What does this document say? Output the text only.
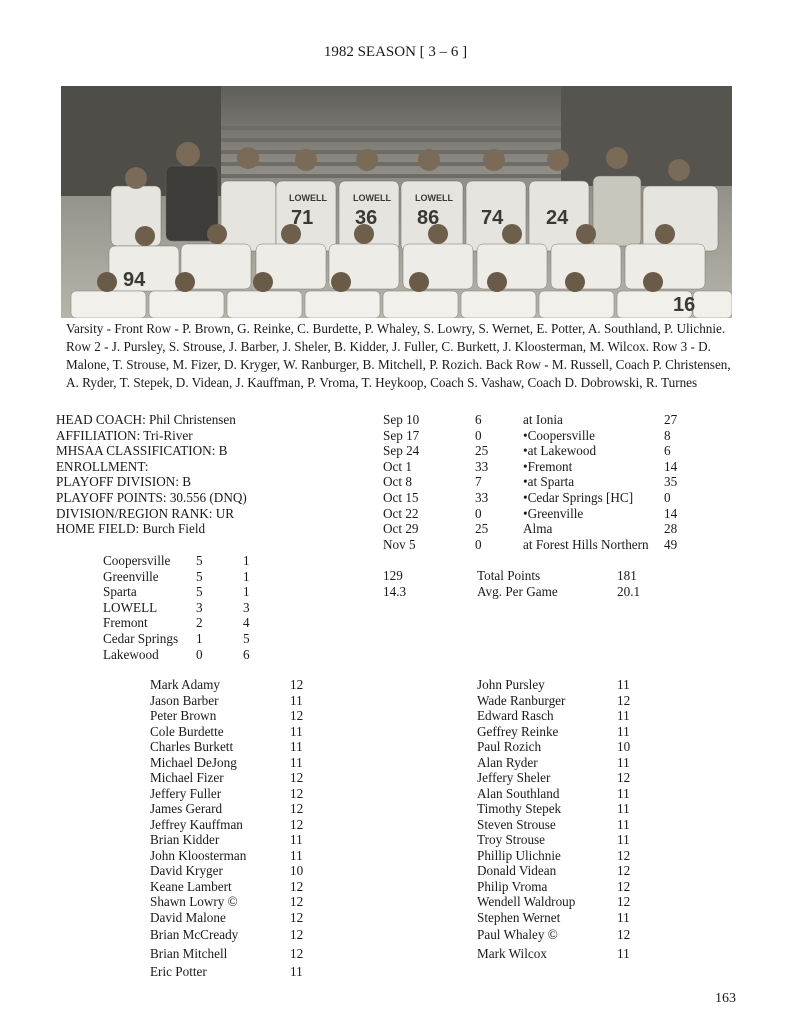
1982 SEASON [ 3 – 6 ]
LOWELL	LOWELL	LOWELL
71 36 86 74 24
94
16
Varsity - Front Row - P. Brown, G. Reinke, C. Burdette, P. Whaley, S. Lowry, S. Wernet, E. Potter, A. Southland, P. Ulichnie. Row 2 - J. Pursley, S. Strouse, J. Barber, J. Sheler, B. Kidder, J. Fuller, C. Burkett, J. Kloosterman, M. Wilcox. Row 3 - D. Malone, T. Strouse, M. Fizer, D. Kryger, W. Ranburger, B. Mitchell, P. Rozich. Back Row - M. Russell, Coach P. Christensen, A. Ryder, T. Stepek, D. Videan, J. Kauffman, P. Vroma, T. Heykoop, Coach S. Vashaw, Coach D. Dobrowski, R. Turnes
HEAD COACH: Phil Christensen
AFFILIATION: Tri-River
MHSAA CLASSIFICATION: B
ENROLLMENT:
PLAYOFF DIVISION: B
PLAYOFF POINTS: 30.556 (DNQ)
DIVISION/REGION RANK: UR
HOME FIELD: Burch Field
Sep 10	6	at Ionia	27
Sep 17	0	•Coopersville	8
Sep 24	25	•at Lakewood	6
Oct 1	33	•Fremont	14
Oct 8	7	•at Sparta	35
Oct 15	33	•Cedar Springs [HC] 0
Oct 22	0	•Greenville	14
Oct 29	25	Alma	28
Nov 5	0	at Forest Hills Northern 49
129	Total Points	181
14.3	Avg. Per Game	20.1
Coopersville 5	1
Greenville	5	1
Sparta	5	1
LOWELL	3	3
Fremont	2	4
Cedar Springs 1	5
Lakewood	0	6
Mark Adamy	12
Jason Barber	11
Peter Brown	12
Cole Burdette	11
Charles Burkett	11
Michael DeJong	11
Michael Fizer	12
Jeffery Fuller	12
James Gerard	12
Jeffrey Kauffman	12
Brian Kidder	11
John Kloosterman	11
David Kryger	10
Keane Lambert	12
Shawn Lowry ©	12
David Malone	12
Brian McCready	12
Brian Mitchell	12
Eric Potter	11
John Pursley	11
Wade Ranburger	12
Edward Rasch	11
Geffrey Reinke	11
Paul Rozich	10
Alan Ryder	11
Jeffery Sheler	12
Alan Southland	11
Timothy Stepek	11
Steven Strouse	11
Troy Strouse	11
Phillip Ulichnie	12
Donald Videan	12
Philip Vroma	12
Wendell Waldroup	12
Stephen Wernet	11
Paul Whaley ©	12
Mark Wilcox	11
163
